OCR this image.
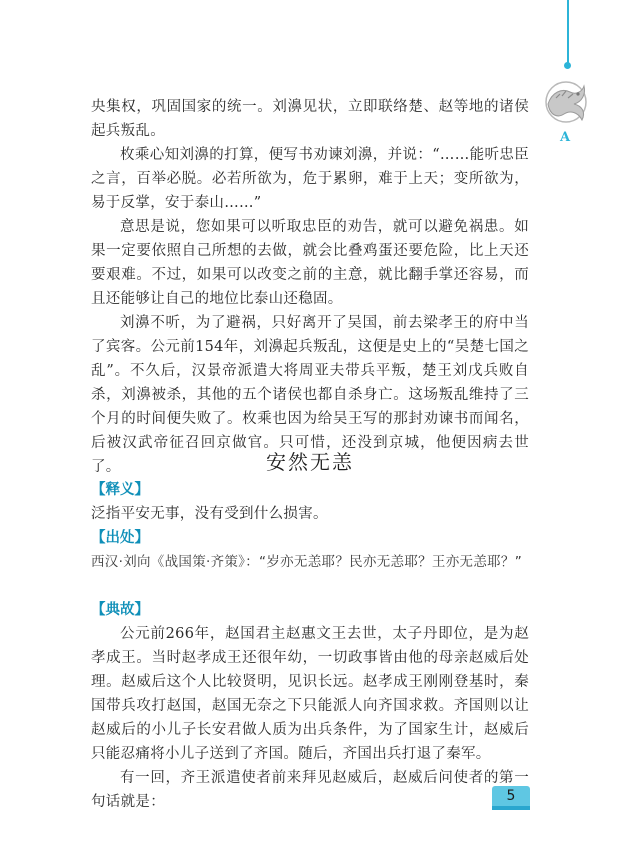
A

央集权，巩固国家的统一。刘濞见状，立即联络楚、赵等地的诸侯起兵叛乱。

枚乘心知刘濞的打算，便写书劝谏刘濞，并说：“……能听忠臣之言，百举必脱。必若所欲为，危于累卵，难于上天；变所欲为，易于反掌，安于泰山……”

意思是说，您如果可以听取忠臣的劝告，就可以避免祸患。如果一定要依照自己所想的去做，就会比叠鸡蛋还要危险，比上天还要艰难。不过，如果可以改变之前的主意，就比翻手掌还容易，而且还能够让自己的地位比泰山还稳固。

刘濞不听，为了避祸，只好离开了吴国，前去梁孝王的府中当了宾客。公元前154年，刘濞起兵叛乱，这便是史上的“吴楚七国之乱”。不久后，汉景帝派遣大将周亚夫带兵平叛，楚王刘戊兵败自杀，刘濞被杀，其他的五个诸侯也都自杀身亡。这场叛乱维持了三个月的时间便失败了。枚乘也因为给吴王写的那封劝谏书而闻名，后被汉武帝征召回京做官。只可惜，还没到京城，他便因病去世了。	安然无恙
【释义】

泛指平安无事，没有受到什么损害。

【出处】

西汉·刘向《战国策·齐策》：“岁亦无恙耶？民亦无恙耶？王亦无恙耶？”

【典故】

公元前266年，赵国君主赵惠文王去世，太子丹即位，是为赵孝成王。当时赵孝成王还很年幼，一切政事皆由他的母亲赵威后处理。赵威后这个人比较贤明，见识长远。赵孝成王刚刚登基时，秦国带兵攻打赵国，赵国无奈之下只能派人向齐国求救。齐国则以让赵威后的小儿子长安君做人质为出兵条件，为了国家生计，赵威后只能忍痛将小儿子送到了齐国。随后，齐国出兵打退了秦军。

有一回，齐王派遣使者前来拜见赵威后，赵威后问使者的第一句话就是：	5
